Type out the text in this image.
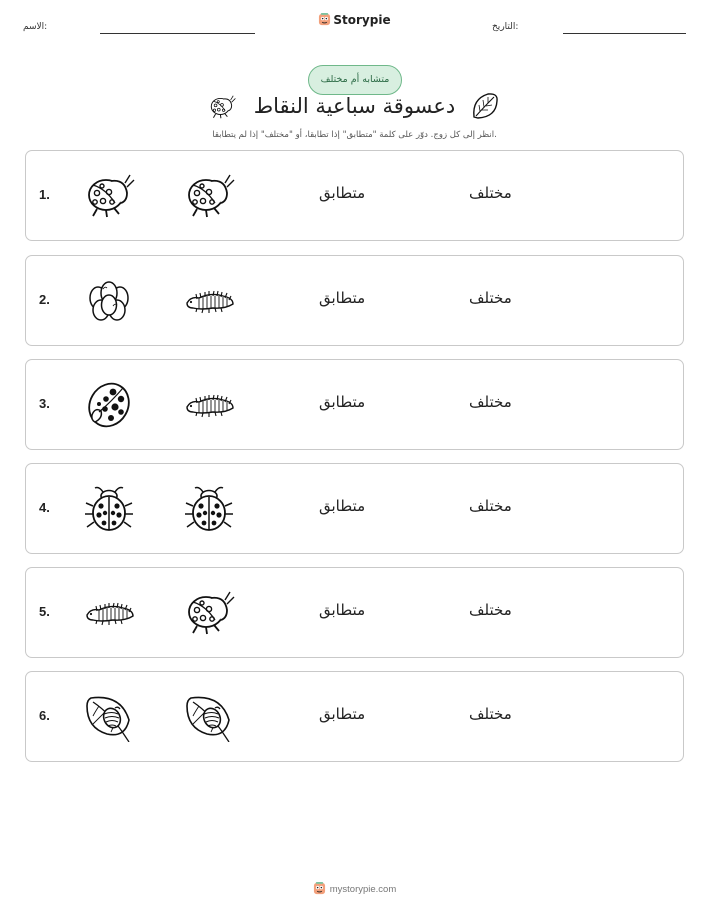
الاسم:	Storypie	التاريخ:
متشابه أم مختلف
دعسوقة سباعية النقاط
انظر إلى كل زوج. دوّر على كلمة "متطابق" إذا تطابقا، أو "مختلف" إذا لم يتطابقا.
1.	متطابق	مختلف
2.	متطابق	مختلف
3.	متطابق	مختلف
4.	متطابق	مختلف
5.	متطابق	مختلف
6.	متطابق	مختلف
mystorypie.com
